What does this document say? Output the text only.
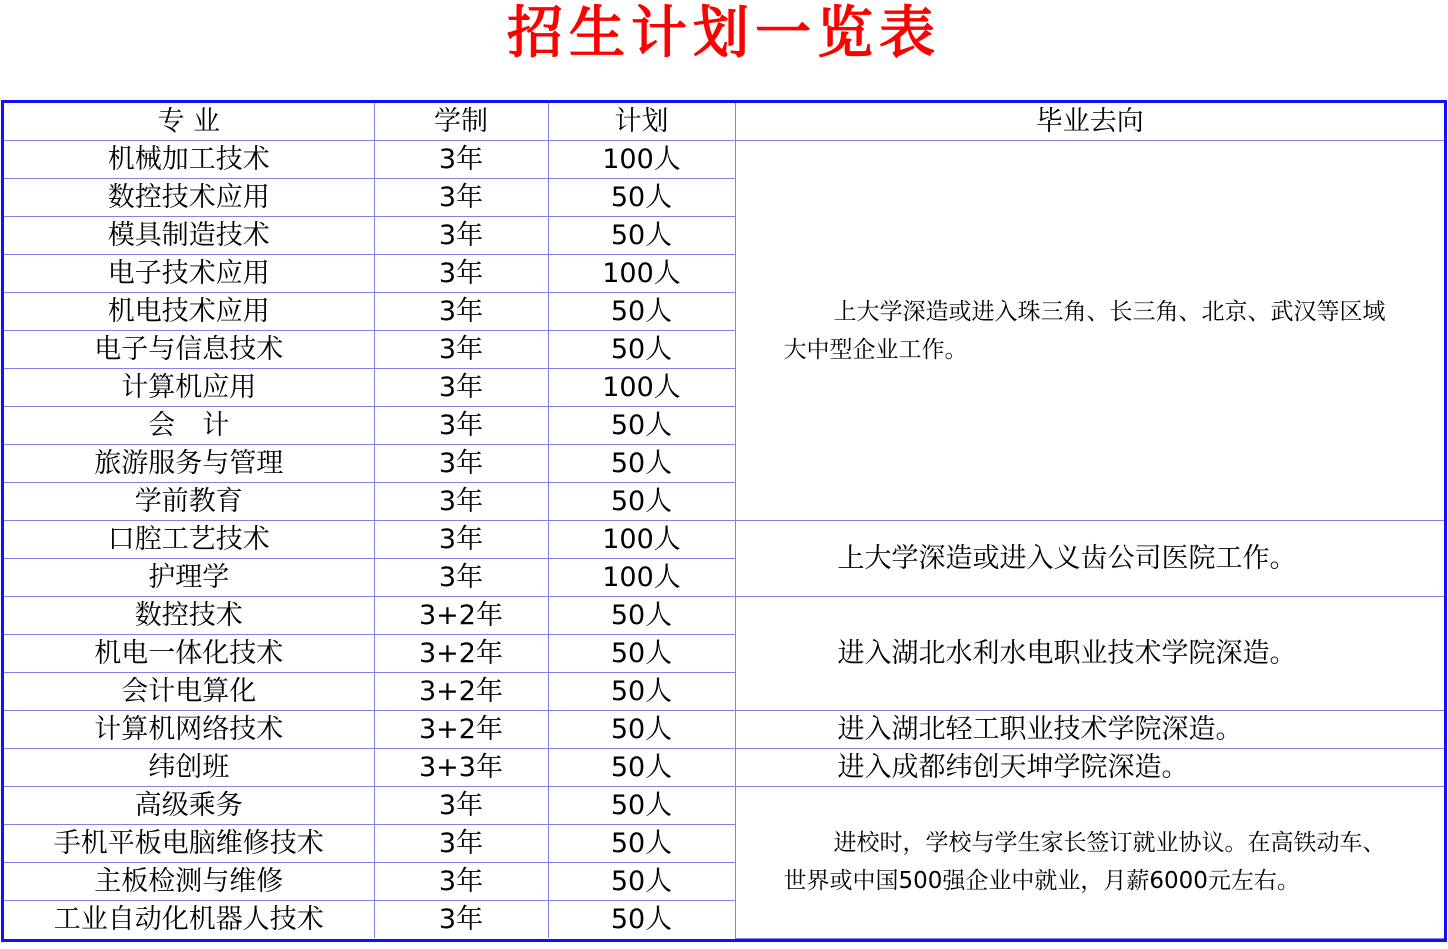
招生计划一览表
专 业	学制	计划	毕业去向
机械加工技术	3年	100人	上大学深造或进入珠三角、长三角、北京、武汉等区域大中型企业工作。
数控技术应用	3年	50人	
模具制造技术	3年	50人	
电子技术应用	3年	100人	
机电技术应用	3年	50人	
电子与信息技术	3年	50人	
计算机应用	3年	100人	
会　计	3年	50人	
旅游服务与管理	3年	50人	
学前教育	3年	50人	
口腔工艺技术	3年	100人	上大学深造或进入义齿公司医院工作。
护理学	3年	100人	
数控技术	3+2年	50人	进入湖北水利水电职业技术学院深造。
机电一体化技术	3+2年	50人	
会计电算化	3+2年	50人	
计算机网络技术	3+2年	50人	进入湖北轻工职业技术学院深造。
纬创班	3+3年	50人	进入成都纬创天坤学院深造。
高级乘务	3年	50人	进校时，学校与学生家长签订就业协议。在高铁动车、世界或中国500强企业中就业，月薪6000元左右。
手机平板电脑维修技术	3年	50人	
主板检测与维修	3年	50人	
工业自动化机器人技术	3年	50人	
